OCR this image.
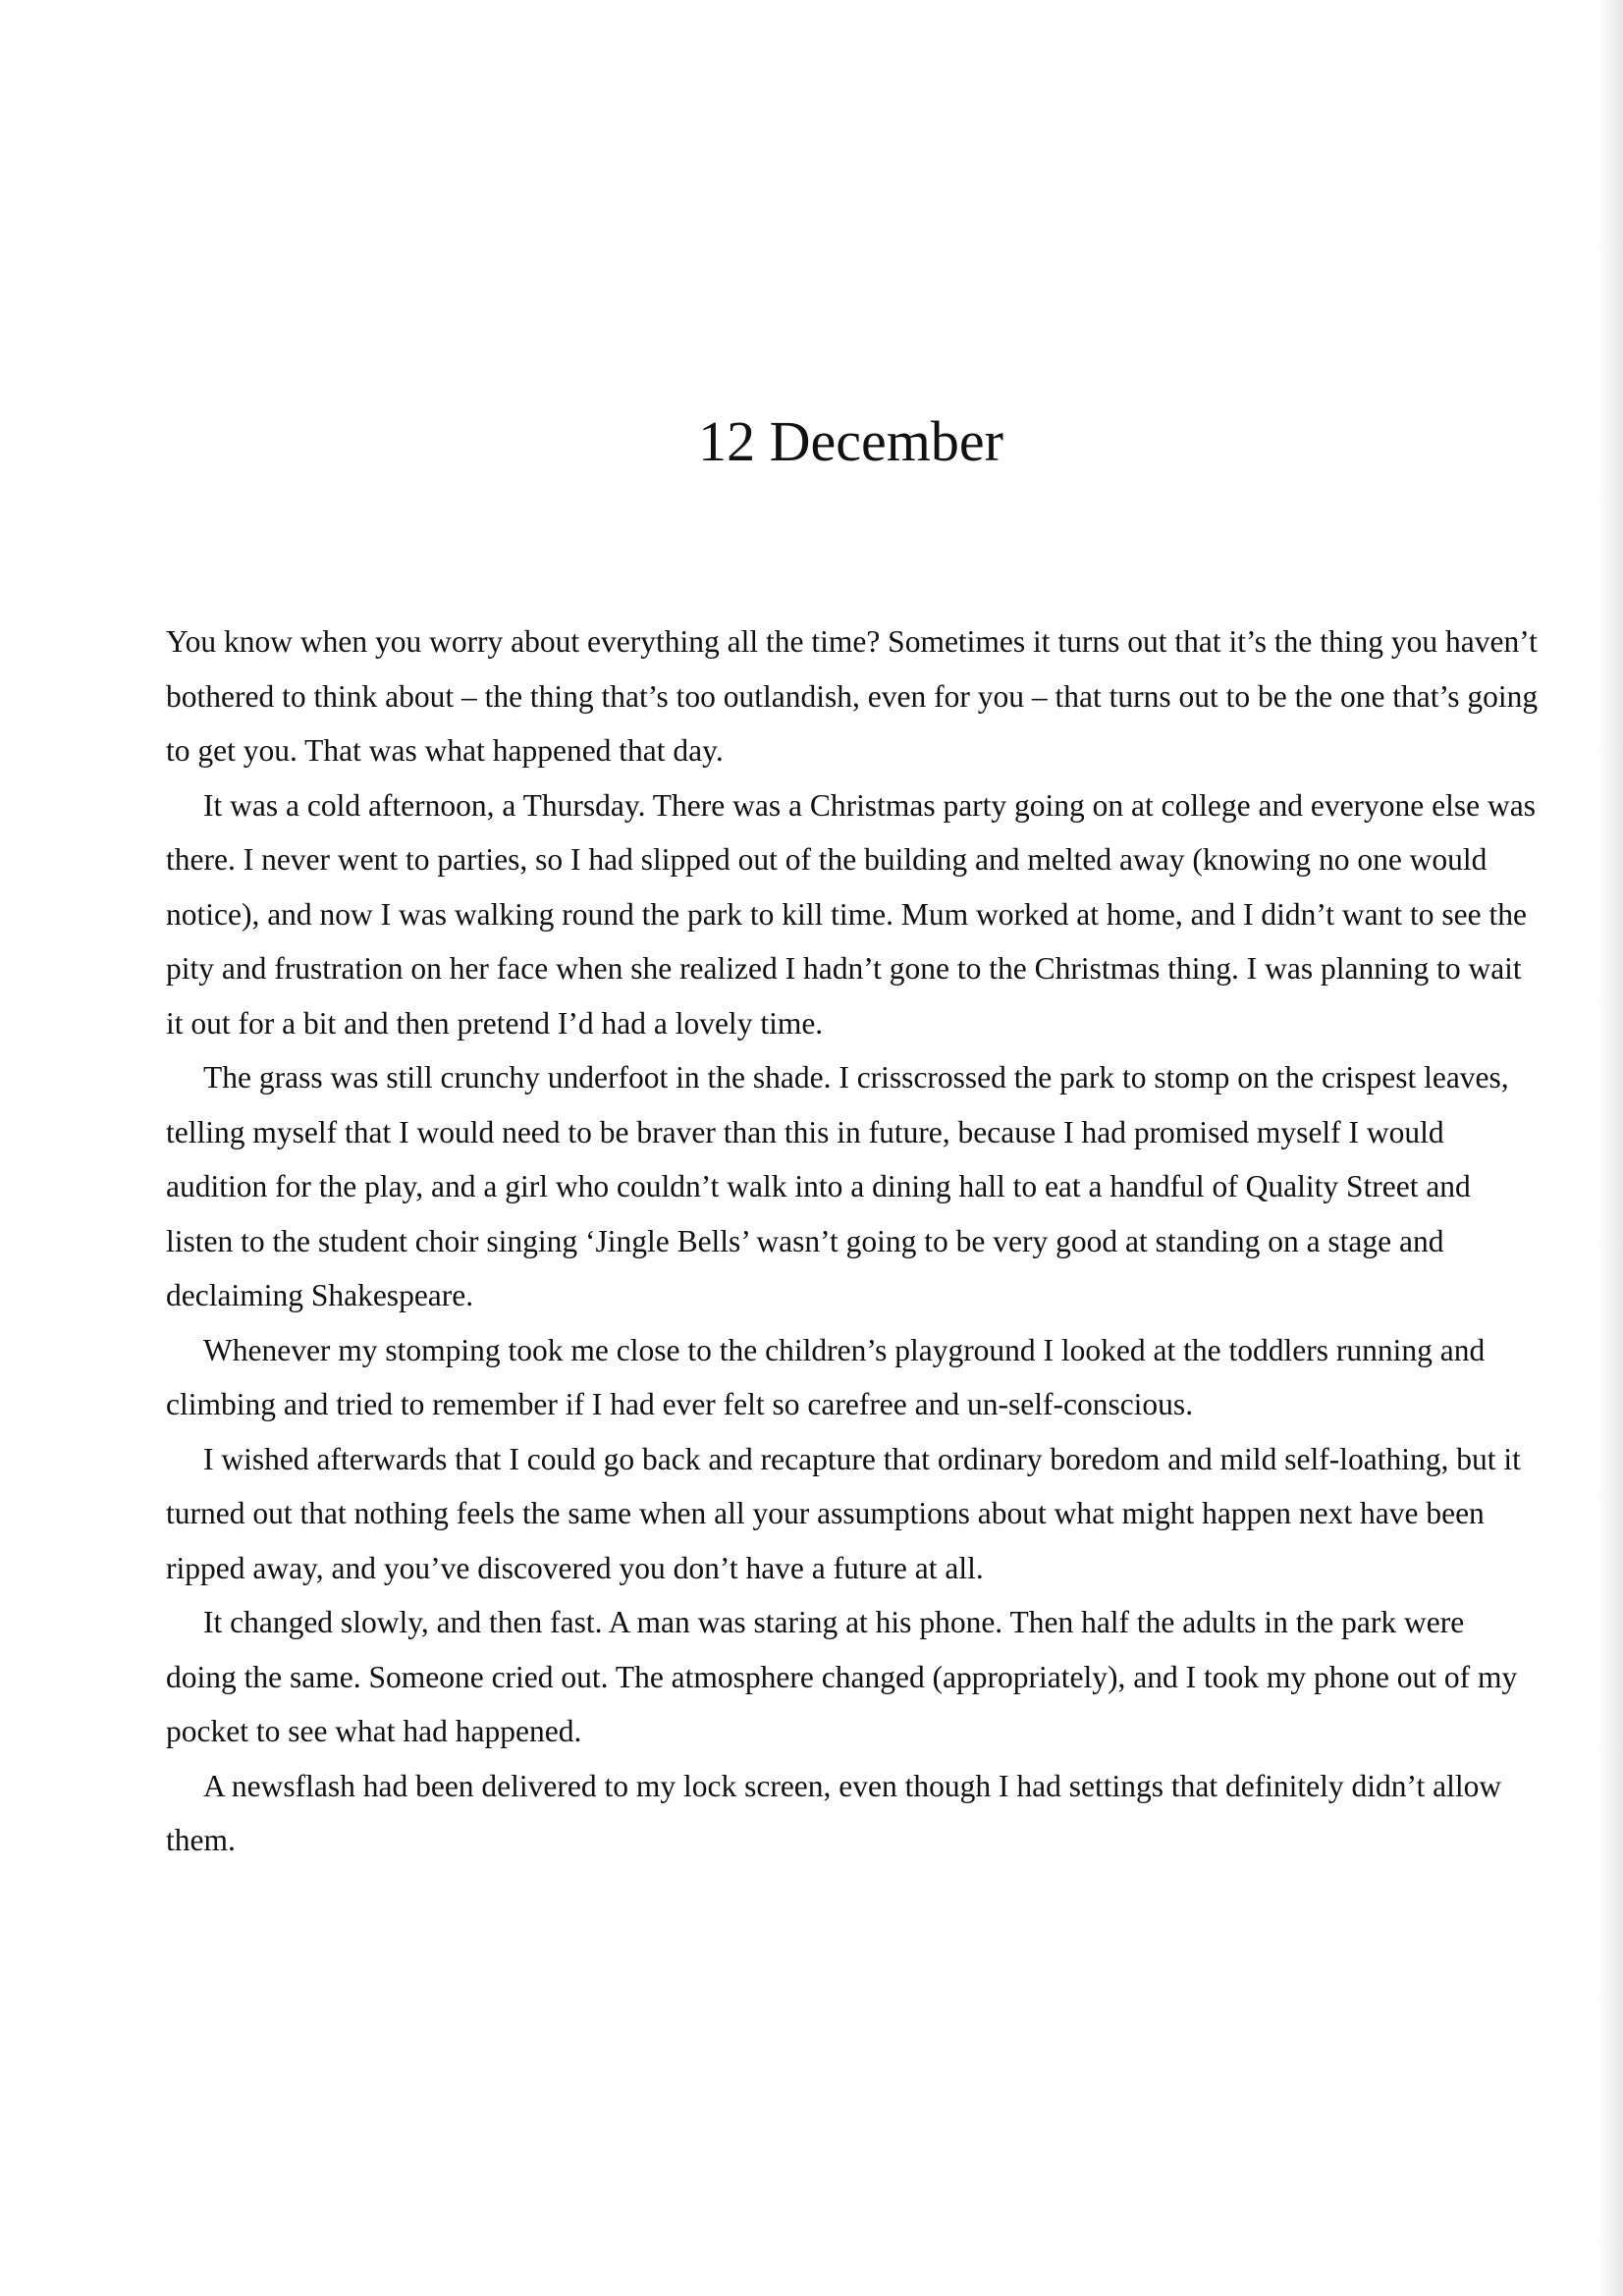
12 December

You know when you worry about everything all the time? Sometimes it turns out that it’s the thing you haven’t bothered to think about – the thing that’s too outlandish, even for you – that turns out to be the one that’s going to get you. That was what happened that day.

It was a cold afternoon, a Thursday. There was a Christmas party going on at college and everyone else was there. I never went to parties, so I had slipped out of the building and melted away (knowing no one would notice), and now I was walking round the park to kill time. Mum worked at home, and I didn’t want to see the pity and frustration on her face when she realized I hadn’t gone to the Christmas thing. I was planning to wait it out for a bit and then pretend I’d had a lovely time.

The grass was still crunchy underfoot in the shade. I crisscrossed the park to stomp on the crispest leaves, telling myself that I would need to be braver than this in future, because I had promised myself I would audition for the play, and a girl who couldn’t walk into a dining hall to eat a handful of Quality Street and listen to the student choir singing ‘Jingle Bells’ wasn’t going to be very good at standing on a stage and declaiming Shakespeare.

Whenever my stomping took me close to the children’s playground I looked at the toddlers running and climbing and tried to remember if I had ever felt so carefree and un-self-conscious.

I wished afterwards that I could go back and recapture that ordinary boredom and mild self-loathing, but it turned out that nothing feels the same when all your assumptions about what might happen next have been ripped away, and you’ve discovered you don’t have a future at all.

It changed slowly, and then fast. A man was staring at his phone. Then half the adults in the park were doing the same. Someone cried out. The atmosphere changed (appropriately), and I took my phone out of my pocket to see what had happened.

A newsflash had been delivered to my lock screen, even though I had settings that definitely didn’t allow them.
